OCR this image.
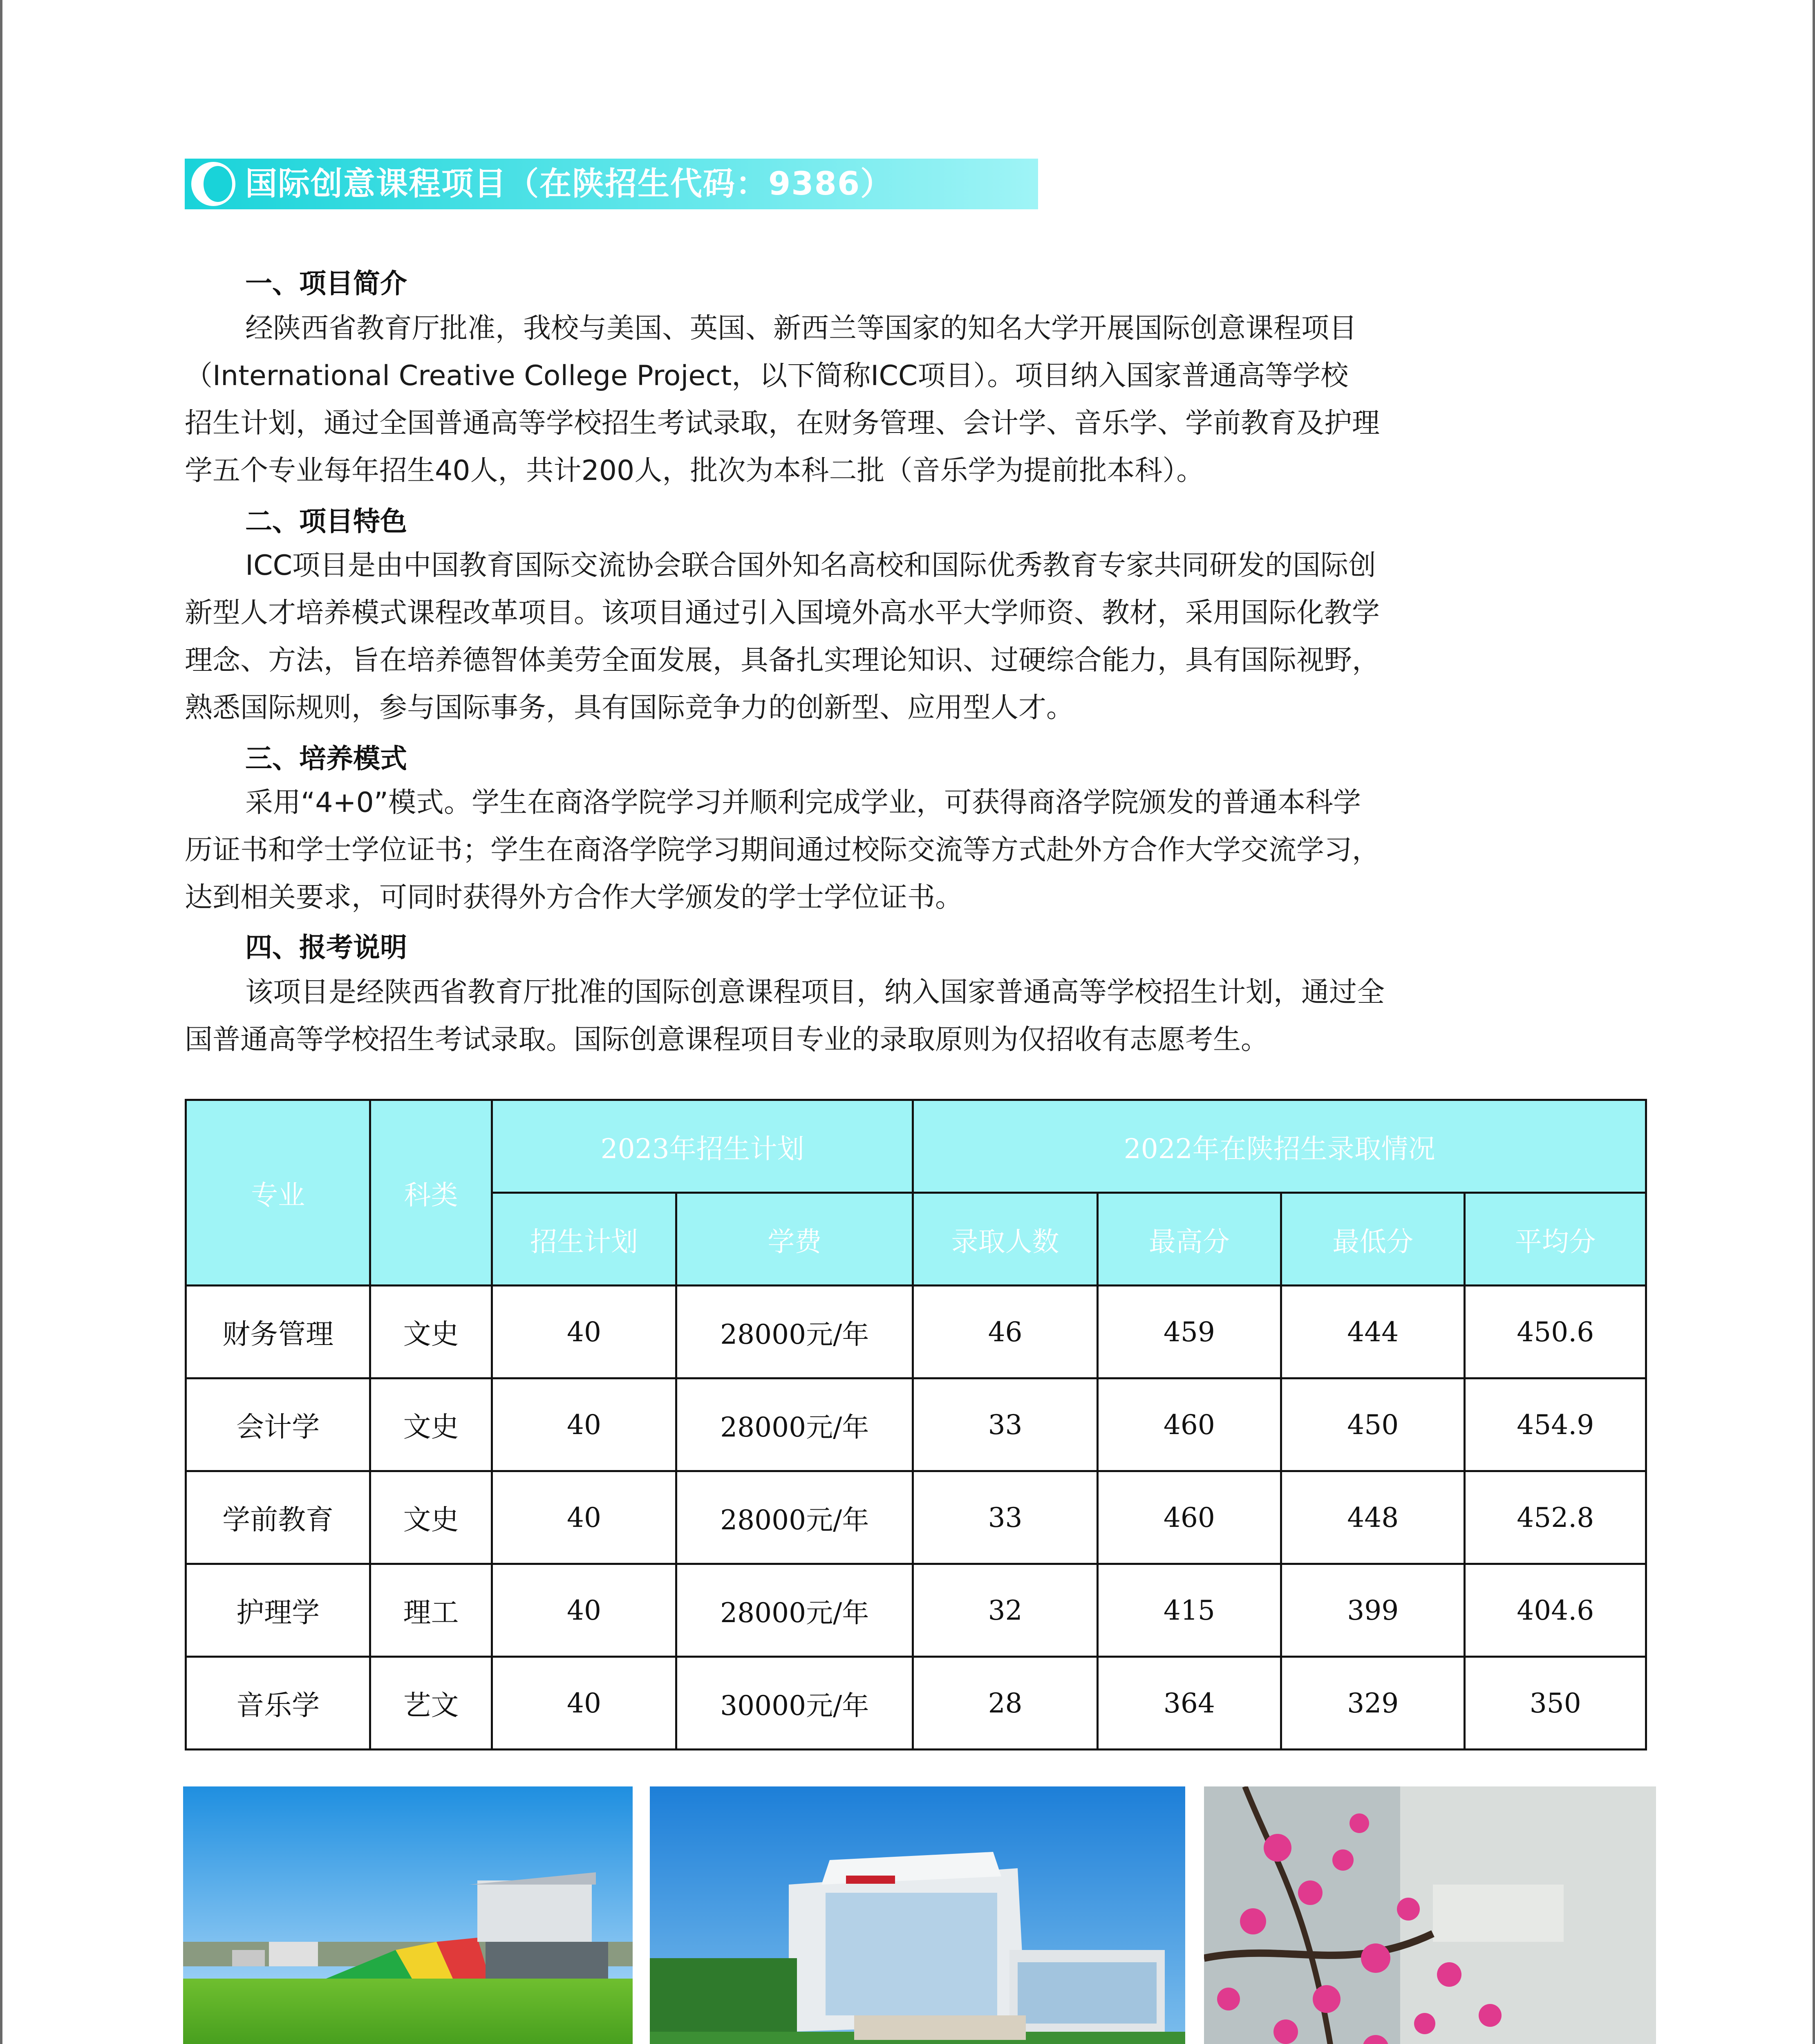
国际创意课程项目（在陕招生代码：9386）
一、项目简介
经陕西省教育厅批准，我校与美国、英国、新西兰等国家的知名大学开展国际创意课程项目
（International Creative College Project，以下简称ICC项目）。项目纳入国家普通高等学校
招生计划，通过全国普通高等学校招生考试录取，在财务管理、会计学、音乐学、学前教育及护理
学五个专业每年招生40人，共计200人，批次为本科二批（音乐学为提前批本科）。
二、项目特色
ICC项目是由中国教育国际交流协会联合国外知名高校和国际优秀教育专家共同研发的国际创
新型人才培养模式课程改革项目。该项目通过引入国境外高水平大学师资、教材，采用国际化教学
理念、方法，旨在培养德智体美劳全面发展，具备扎实理论知识、过硬综合能力，具有国际视野，
熟悉国际规则，参与国际事务，具有国际竞争力的创新型、应用型人才。
三、培养模式
采用“4+0”模式。学生在商洛学院学习并顺利完成学业，可获得商洛学院颁发的普通本科学
历证书和学士学位证书；学生在商洛学院学习期间通过校际交流等方式赴外方合作大学交流学习，
达到相关要求，可同时获得外方合作大学颁发的学士学位证书。
四、报考说明
该项目是经陕西省教育厅批准的国际创意课程项目，纳入国家普通高等学校招生计划，通过全
国普通高等学校招生考试录取。国际创意课程项目专业的录取原则为仅招收有志愿考生。
专业	科类	2023年招生计划		2022年在陕招生录取情况			
		招生计划	学费	录取人数	最高分	最低分	平均分
财务管理	文史	40	28000元/年	46	459	444	450.6
会计学	文史	40	28000元/年	33	460	450	454.9
学前教育	文史	40	28000元/年	33	460	448	452.8
护理学	理工	40	28000元/年	32	415	399	404.6
音乐学	艺文	40	30000元/年	28	364	329	350
